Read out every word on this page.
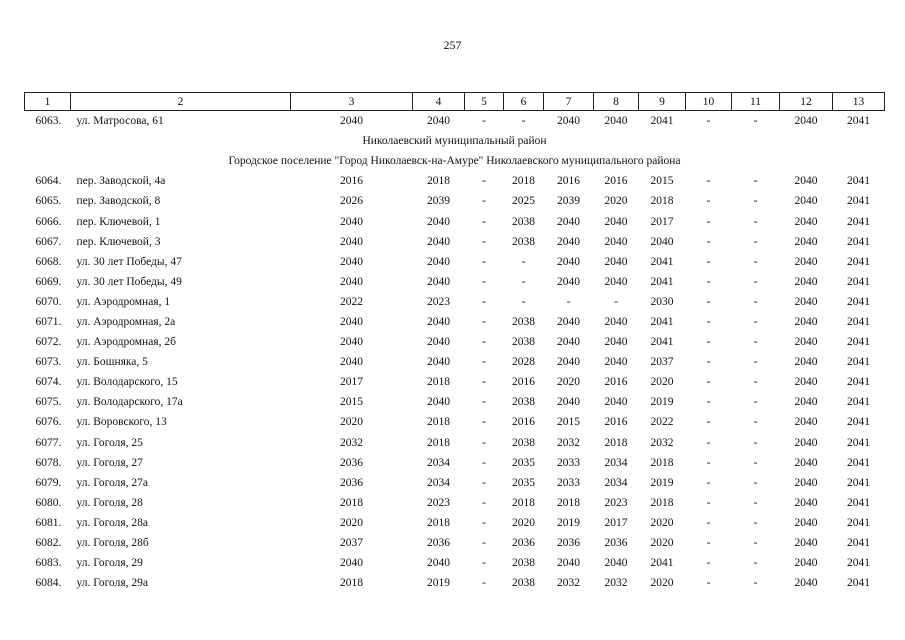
257
1	2	3	4	5	6	7	8	9	10	11	12	13
6063.	ул. Матросова, 61	2040	2040	-	-	2040	2040	2041	-	-	2040	2041
Николаевский муниципальный район												
Городское поселение "Город Николаевск-на-Амуре" Николаевского муниципального района												
6064.	пер. Заводской, 4а	2016	2018	-	2018	2016	2016	2015	-	-	2040	2041
6065.	пер. Заводской, 8	2026	2039	-	2025	2039	2020	2018	-	-	2040	2041
6066.	пер. Ключевой, 1	2040	2040	-	2038	2040	2040	2017	-	-	2040	2041
6067.	пер. Ключевой, 3	2040	2040	-	2038	2040	2040	2040	-	-	2040	2041
6068.	ул. 30 лет Победы, 47	2040	2040	-	-	2040	2040	2041	-	-	2040	2041
6069.	ул. 30 лет Победы, 49	2040	2040	-	-	2040	2040	2041	-	-	2040	2041
6070.	ул. Аэродромная, 1	2022	2023	-	-	-	-	2030	-	-	2040	2041
6071.	ул. Аэродромная, 2а	2040	2040	-	2038	2040	2040	2041	-	-	2040	2041
6072.	ул. Аэродромная, 2б	2040	2040	-	2038	2040	2040	2041	-	-	2040	2041
6073.	ул. Бошняка, 5	2040	2040	-	2028	2040	2040	2037	-	-	2040	2041
6074.	ул. Володарского, 15	2017	2018	-	2016	2020	2016	2020	-	-	2040	2041
6075.	ул. Володарского, 17а	2015	2040	-	2038	2040	2040	2019	-	-	2040	2041
6076.	ул. Воровского, 13	2020	2018	-	2016	2015	2016	2022	-	-	2040	2041
6077.	ул. Гоголя, 25	2032	2018	-	2038	2032	2018	2032	-	-	2040	2041
6078.	ул. Гоголя, 27	2036	2034	-	2035	2033	2034	2018	-	-	2040	2041
6079.	ул. Гоголя, 27а	2036	2034	-	2035	2033	2034	2019	-	-	2040	2041
6080.	ул. Гоголя, 28	2018	2023	-	2018	2018	2023	2018	-	-	2040	2041
6081.	ул. Гоголя, 28а	2020	2018	-	2020	2019	2017	2020	-	-	2040	2041
6082.	ул. Гоголя, 28б	2037	2036	-	2036	2036	2036	2020	-	-	2040	2041
6083.	ул. Гоголя, 29	2040	2040	-	2038	2040	2040	2041	-	-	2040	2041
6084.	ул. Гоголя, 29а	2018	2019	-	2038	2032	2032	2020	-	-	2040	2041
